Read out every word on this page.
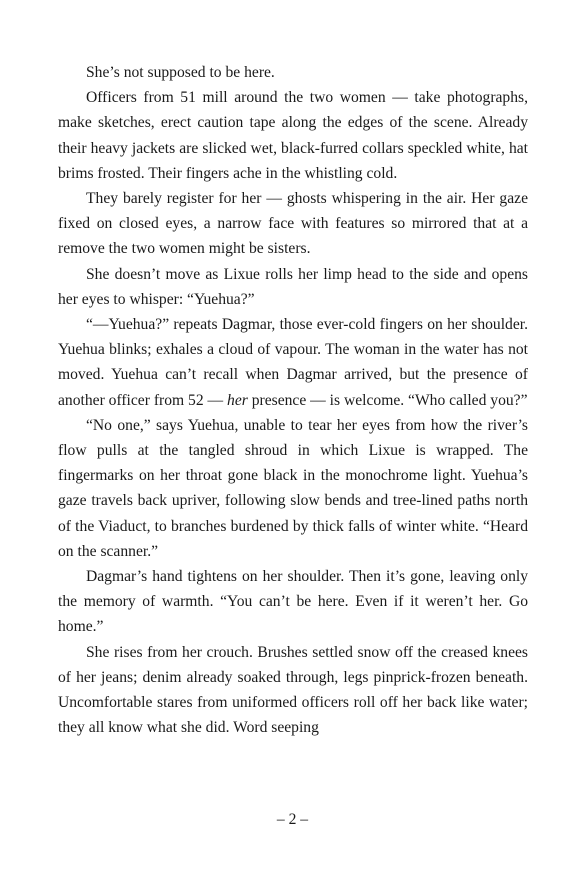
She’s not supposed to be here.

Officers from 51 mill around the two women — take photographs, make sketches, erect caution tape along the edges of the scene. Already their heavy jackets are slicked wet, black-furred collars speckled white, hat brims frosted. Their fingers ache in the whistling cold.

They barely register for her — ghosts whispering in the air. Her gaze fixed on closed eyes, a narrow face with features so mirrored that at a remove the two women might be sisters.

She doesn’t move as Lixue rolls her limp head to the side and opens her eyes to whisper: “Yuehua?”

“—Yuehua?” repeats Dagmar, those ever-cold fingers on her shoulder. Yuehua blinks; exhales a cloud of vapour. The woman in the water has not moved. Yuehua can’t recall when Dagmar arrived, but the presence of another officer from 52 — her presence — is welcome. “Who called you?”

“No one,” says Yuehua, unable to tear her eyes from how the river’s flow pulls at the tangled shroud in which Lixue is wrapped. The fingermarks on her throat gone black in the monochrome light. Yuehua’s gaze travels back upriver, following slow bends and tree-lined paths north of the Viaduct, to branches burdened by thick falls of winter white. “Heard on the scanner.”

Dagmar’s hand tightens on her shoulder. Then it’s gone, leaving only the memory of warmth. “You can’t be here. Even if it weren’t her. Go home.”

She rises from her crouch. Brushes settled snow off the creased knees of her jeans; denim already soaked through, legs pinprick-frozen beneath. Uncomfortable stares from uniformed officers roll off her back like water; they all know what she did. Word seeping

– 2 –
